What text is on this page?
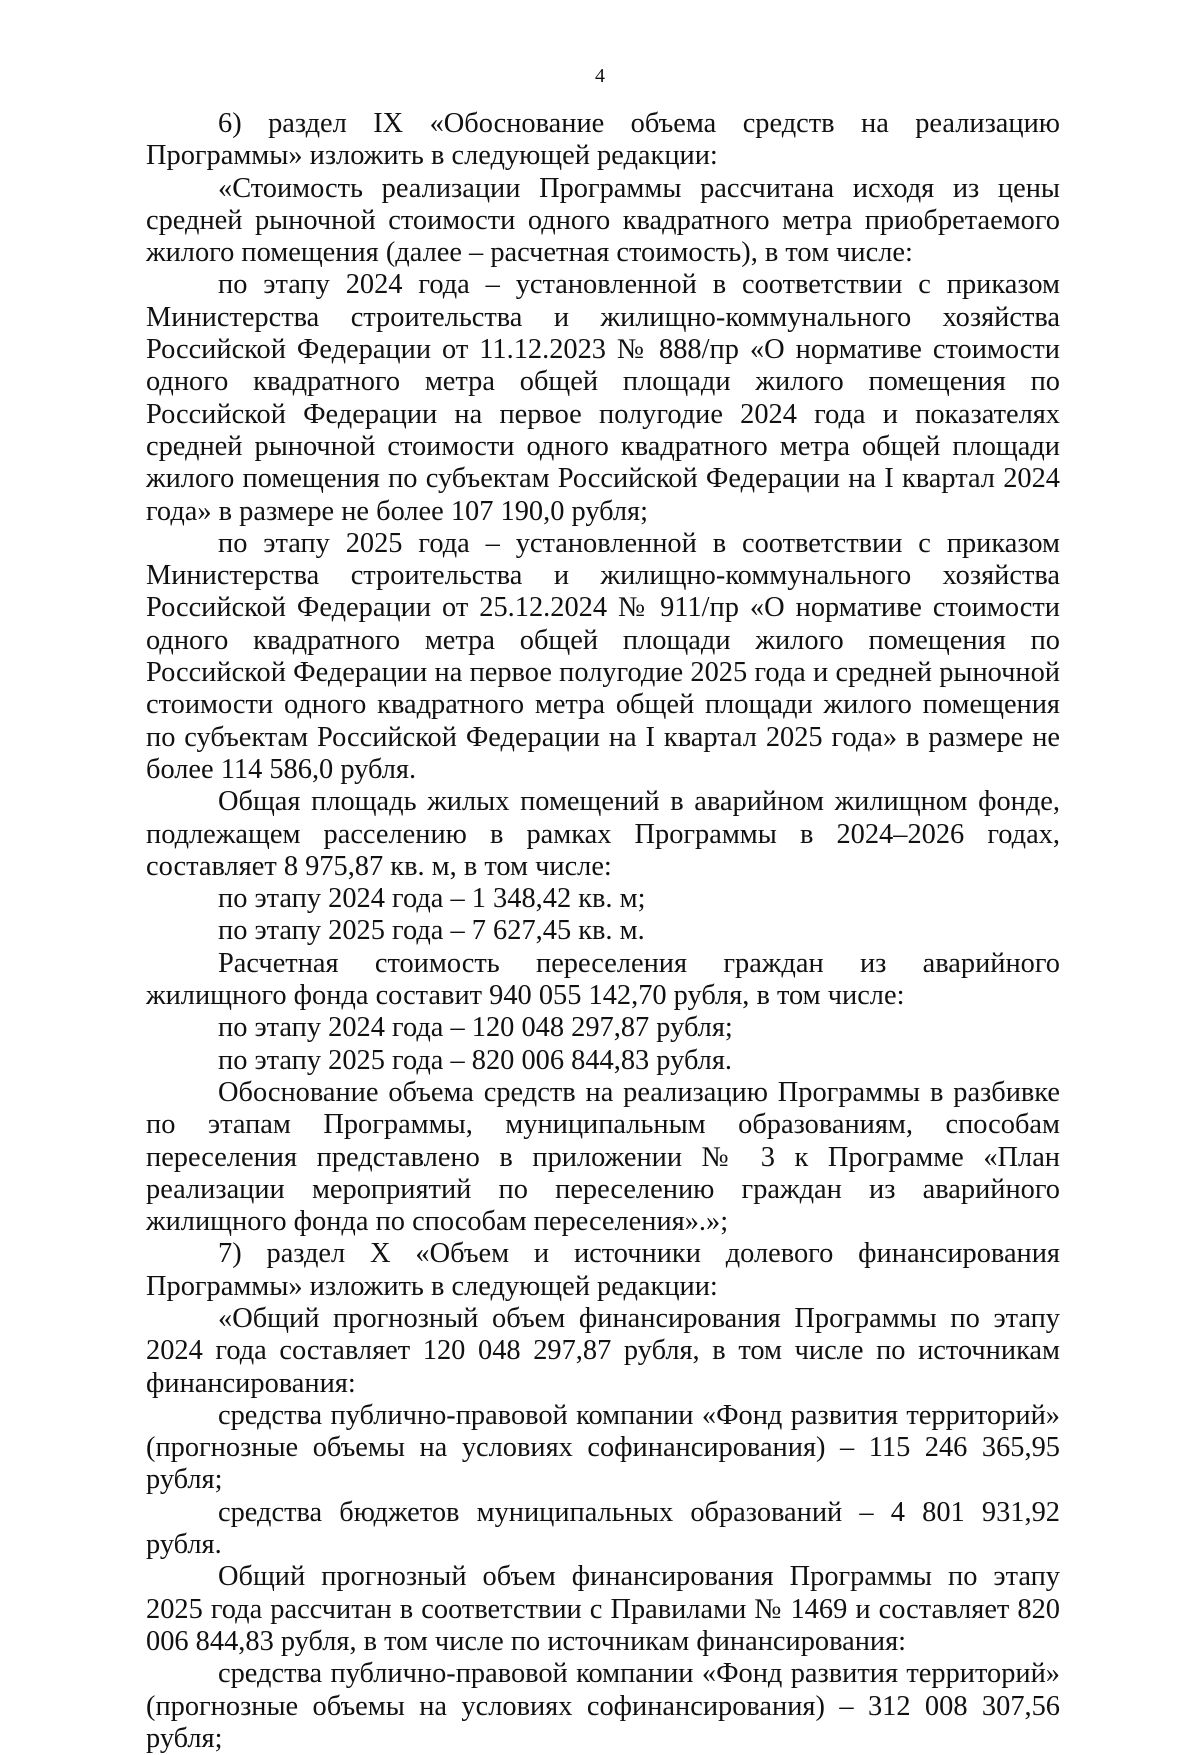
4

6) раздел IX «Обоснование объема средств на реализацию Программы» изложить в следующей редакции:

«Стоимость реализации Программы рассчитана исходя из цены средней рыночной стоимости одного квадратного метра приобретаемого жилого помещения (далее – расчетная стоимость), в том числе:

по этапу 2024 года – установленной в соответствии с приказом Министерства строительства и жилищно-коммунального хозяйства Российской Федерации от 11.12.2023 № 888/пр «О нормативе стоимости одного квадратного метра общей площади жилого помещения по Российской Федерации на первое полугодие 2024 года и показателях средней рыночной стоимости одного квадратного метра общей площади жилого помещения по субъектам Российской Федерации на I квартал 2024 года» в размере не более 107 190,0 рубля;

по этапу 2025 года – установленной в соответствии с приказом Министерства строительства и жилищно-коммунального хозяйства Российской Федерации от 25.12.2024 № 911/пр «О нормативе стоимости одного квадратного метра общей площади жилого помещения по Российской Федерации на первое полугодие 2025 года и средней рыночной стоимости одного квадратного метра общей площади жилого помещения по субъектам Российской Федерации на I квартал 2025 года» в размере не более 114 586,0 рубля.

Общая площадь жилых помещений в аварийном жилищном фонде, подлежащем расселению в рамках Программы в 2024–2026 годах, составляет 8 975,87 кв. м, в том числе:

по этапу 2024 года – 1 348,42 кв. м;

по этапу 2025 года – 7 627,45 кв. м.

Расчетная стоимость переселения граждан из аварийного жилищного фонда составит 940 055 142,70 рубля, в том числе:

по этапу 2024 года – 120 048 297,87 рубля;

по этапу 2025 года – 820 006 844,83 рубля.

Обоснование объема средств на реализацию Программы в разбивке по этапам Программы, муниципальным образованиям, способам переселения представлено в приложении № 3 к Программе «План реализации мероприятий по переселению граждан из аварийного жилищного фонда по способам переселения».»;

7) раздел X «Объем и источники долевого финансирования Программы» изложить в следующей редакции:

«Общий прогнозный объем финансирования Программы по этапу 2024 года составляет 120 048 297,87 рубля, в том числе по источникам финансирования:

средства публично-правовой компании «Фонд развития территорий» (прогнозные объемы на условиях софинансирования) – 115 246 365,95 рубля;

средства бюджетов муниципальных образований – 4 801 931,92 рубля.

Общий прогнозный объем финансирования Программы по этапу 2025 года рассчитан в соответствии с Правилами № 1469 и составляет 820 006 844,83 рубля, в том числе по источникам финансирования:

средства публично-правовой компании «Фонд развития территорий» (прогнозные объемы на условиях софинансирования) – 312 008 307,56 рубля;
